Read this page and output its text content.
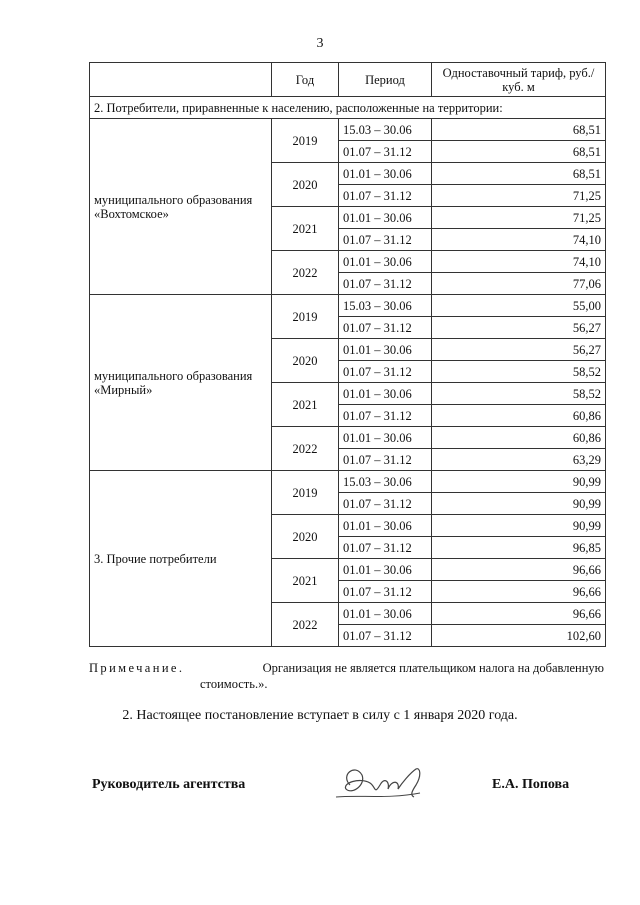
3
	Год	Период	Одноставочный тариф, руб./куб. м
2. Потребители, приравненные к населению, расположенные на территории:			
муниципального образования «Вохтомское»	2019	15.03 – 30.06	68,51
		01.07 – 31.12	68,51
	2020	01.01 – 30.06	68,51
		01.07 – 31.12	71,25
	2021	01.01 – 30.06	71,25
		01.07 – 31.12	74,10
	2022	01.01 – 30.06	74,10
		01.07 – 31.12	77,06
муниципального образования «Мирный»	2019	15.03 – 30.06	55,00
		01.07 – 31.12	56,27
	2020	01.01 – 30.06	56,27
		01.07 – 31.12	58,52
	2021	01.01 – 30.06	58,52
		01.07 – 31.12	60,86
	2022	01.01 – 30.06	60,86
		01.07 – 31.12	63,29
3. Прочие потребители	2019	15.03 – 30.06	90,99
		01.07 – 31.12	90,99
	2020	01.01 – 30.06	90,99
		01.07 – 31.12	96,85
	2021	01.01 – 30.06	96,66
		01.07 – 31.12	96,66
	2022	01.01 – 30.06	96,66
		01.07 – 31.12	102,60
Примечание.	Организация не является плательщиком налога на добавленную
стоимость.».
2. Настоящее постановление вступает в силу с 1 января 2020 года.
Руководитель агентства	Е.А. Попова
